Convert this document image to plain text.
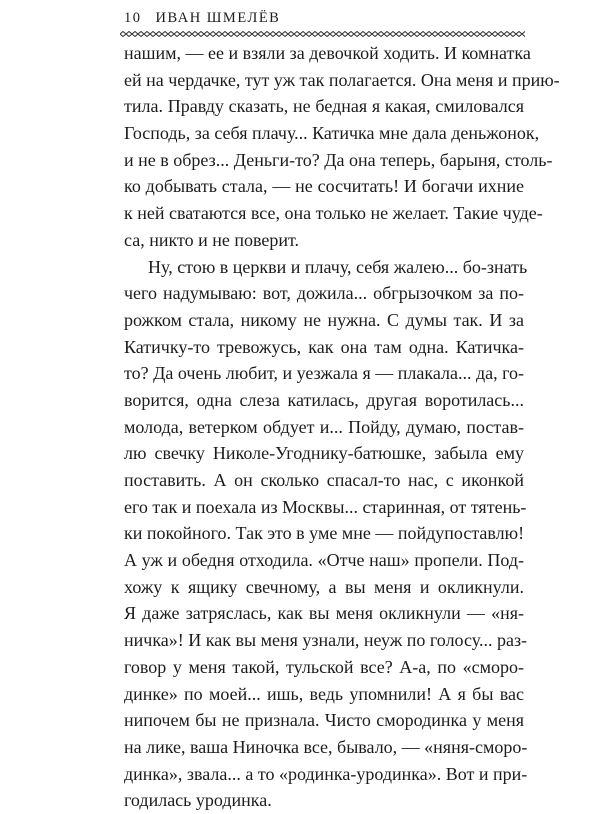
10 ИВАН ШМЕЛЁВ
нашим, — ее и взяли за девочкой ходить. И комнатка
ей на чердачке, тут уж так полагается. Она меня и прию-
тила. Правду сказать, не бедная я какая, смиловался
Господь, за себя плачу... Катичка мне дала деньжонок,
и не в обрез... Деньги-то? Да она теперь, барыня, столь-
ко добывать стала, — не сосчитать! И богачи ихние
к ней сватаются все, она только не желает. Такие чуде-
са, никто и не поверит.
Ну, стою в церкви и плачу, себя жалею... бо-знать
чего надумываю: вот, дожила... обгрызочком за по-
рожком стала, никому не нужна. С думы так. И за
Катичку-то тревожусь, как она там одна. Катичка-
то? Да очень любит, и уезжала я — плакала... да, го-
ворится, одна слеза катилась, другая воротилась...
молода, ветерком обдует и... Пойду, думаю, постав-
лю свечку Николе-Угоднику-батюшке, забыла ему
поставить. А он сколько спасал-то нас, с иконкой
его так и поехала из Москвы... старинная, от тятень-
ки покойного. Так это в уме мне — пойдупоставлю!
А уж и обедня отходила. «Отче наш» пропели. Под-
хожу к ящику свечному, а вы меня и окликнули.
Я даже затряслась, как вы меня окликнули — «ня-
ничка»! И как вы меня узнали, неуж по голосу... раз-
говор у меня такой, тульской все? А-а, по «сморо-
динке» по моей... ишь, ведь упомнили! А я бы вас
нипочем бы не признала. Чисто смородинка у меня
на лике, ваша Ниночка все, бывало, — «няня-сморо-
динка», звала... а то «родинка-уродинка». Вот и при-
годилась уродинка.
